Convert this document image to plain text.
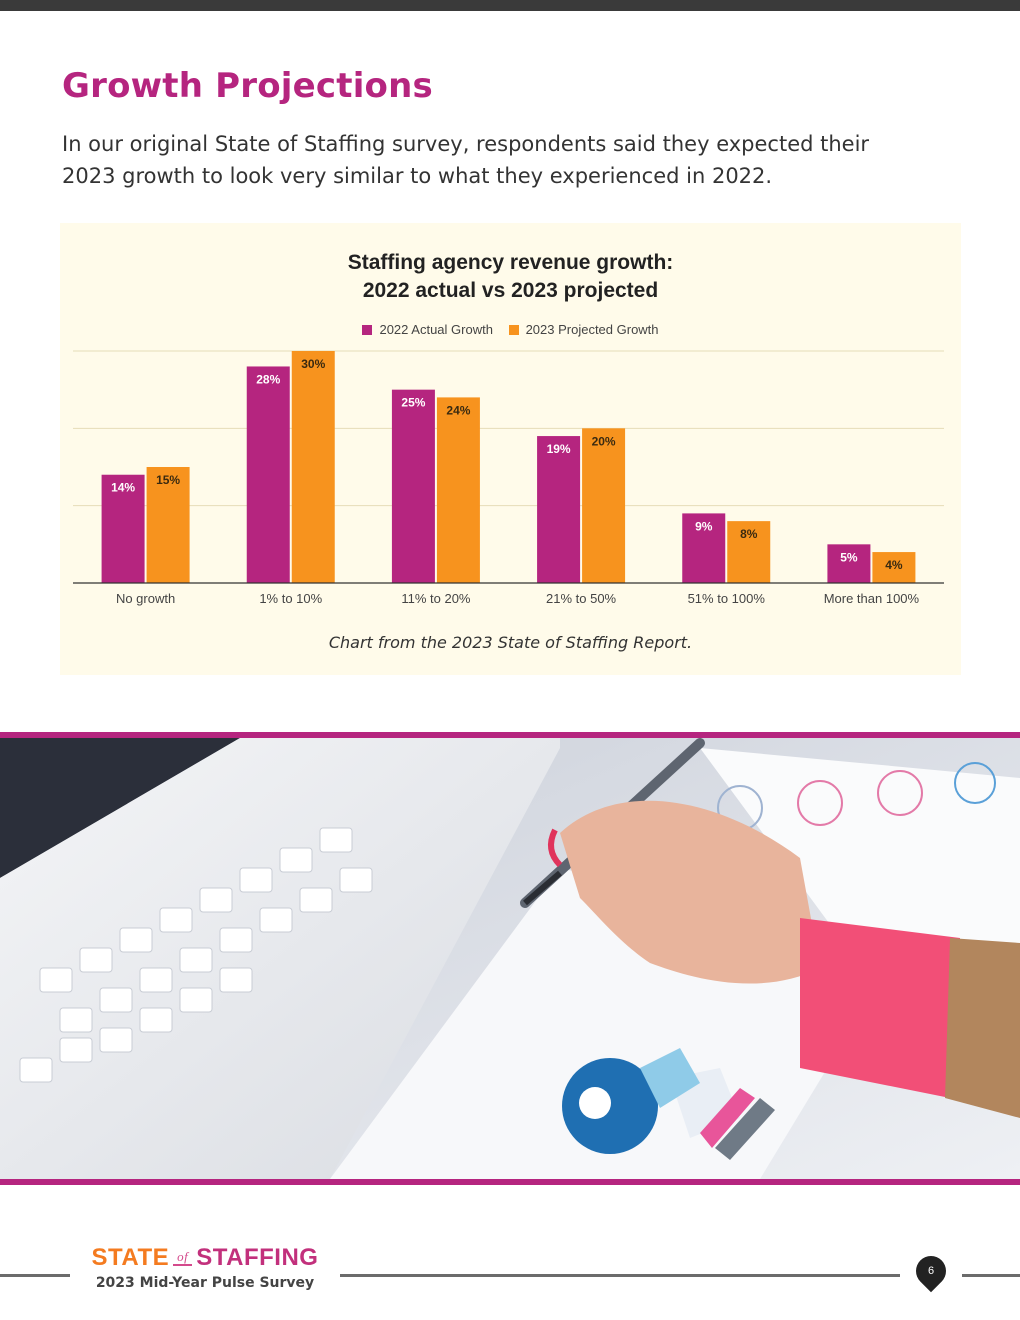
Growth Projections

In our original State of Staffing survey, respondents said they expected their 2023 growth to look very similar to what they experienced in 2022.

Staffing agency revenue growth:
2022 actual vs 2023 projected
2022 Actual Growth
	2023 Projected Growth
14%
15%
No growth
28%
30%
1% to 10%
25%
24%
11% to 20%
19%
20%
21% to 50%
9%
8%
51% to 100%
5%
4%
More than 100%
Chart from the 2023 State of Staffing Report.
STATE of STAFFING
2023 Mid-Year Pulse Survey
6
